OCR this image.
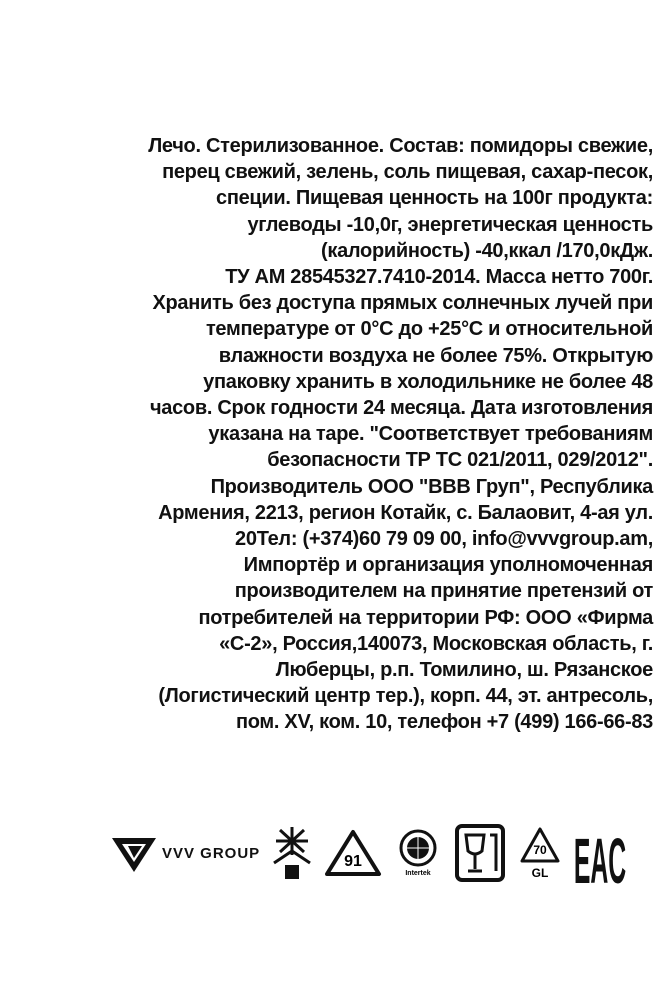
Лечо. Стерилизованное. Состав: помидоры свежие,
перец свежий, зелень, соль пищевая, сахар-песок,
специи. Пищевая ценность на 100г продукта:
углеводы -10,0г, энергетическая ценность
(калорийность) -40,ккал /170,0кДж.
ТУ АМ 28545327.7410-2014. Масса нетто 700г.
Хранить без доступа прямых солнечных лучей при
температуре от 0°С до +25°С и относительной
влажности воздуха не более 75%. Открытую
упаковку хранить в холодильнике не более 48
часов. Срок годности 24 месяца. Дата изготовления
указана на таре. "Соответствует требованиям
безопасности ТР ТС 021/2011, 029/2012".
Производитель ООО "ВВВ Груп", Республика
Армения, 2213, регион Котайк, с. Балаовит, 4-ая ул.
20Тел: (+374)60 79 09 00, info@vvvgroup.am,
Импортёр и организация уполномоченная
производителем на принятие претензий от
потребителей на территории РФ: ООО «Фирма
«С-2», Россия,140073, Московская область, г.
Люберцы, р.п. Томилино, ш. Рязанское
(Логистический центр тер.), корп. 44, эт. антресоль,
пом. XV, ком. 10, телефон +7 (499) 166-66-83
VVV GROUP	91
Intertek
70
GL EAC
